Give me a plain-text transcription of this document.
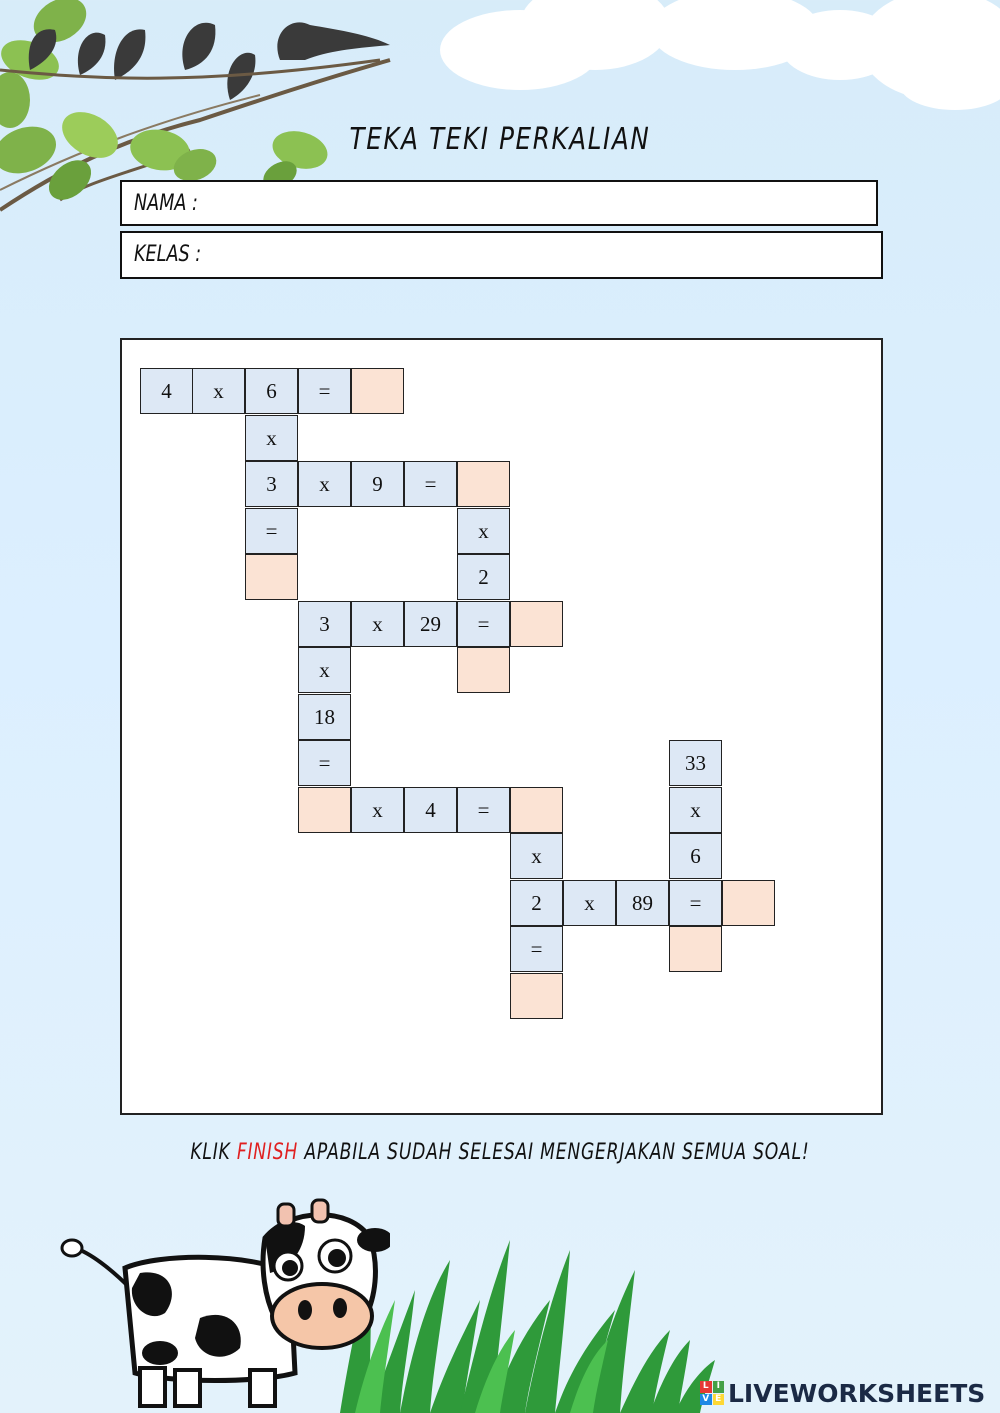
TEKA TEKI PERKALIAN
NAMA :
KELAS :
4	x	6	=
x
3	x	9	=
=	x
2
3	x	29	=
x
18
=	33
x	4	=	x
x	6
2	x	89	=
=
KLIK FINISH APABILA SUDAH SELESAI MENGERJAKAN SEMUA SOAL!
L I
V E LIVEWORKSHEETS
